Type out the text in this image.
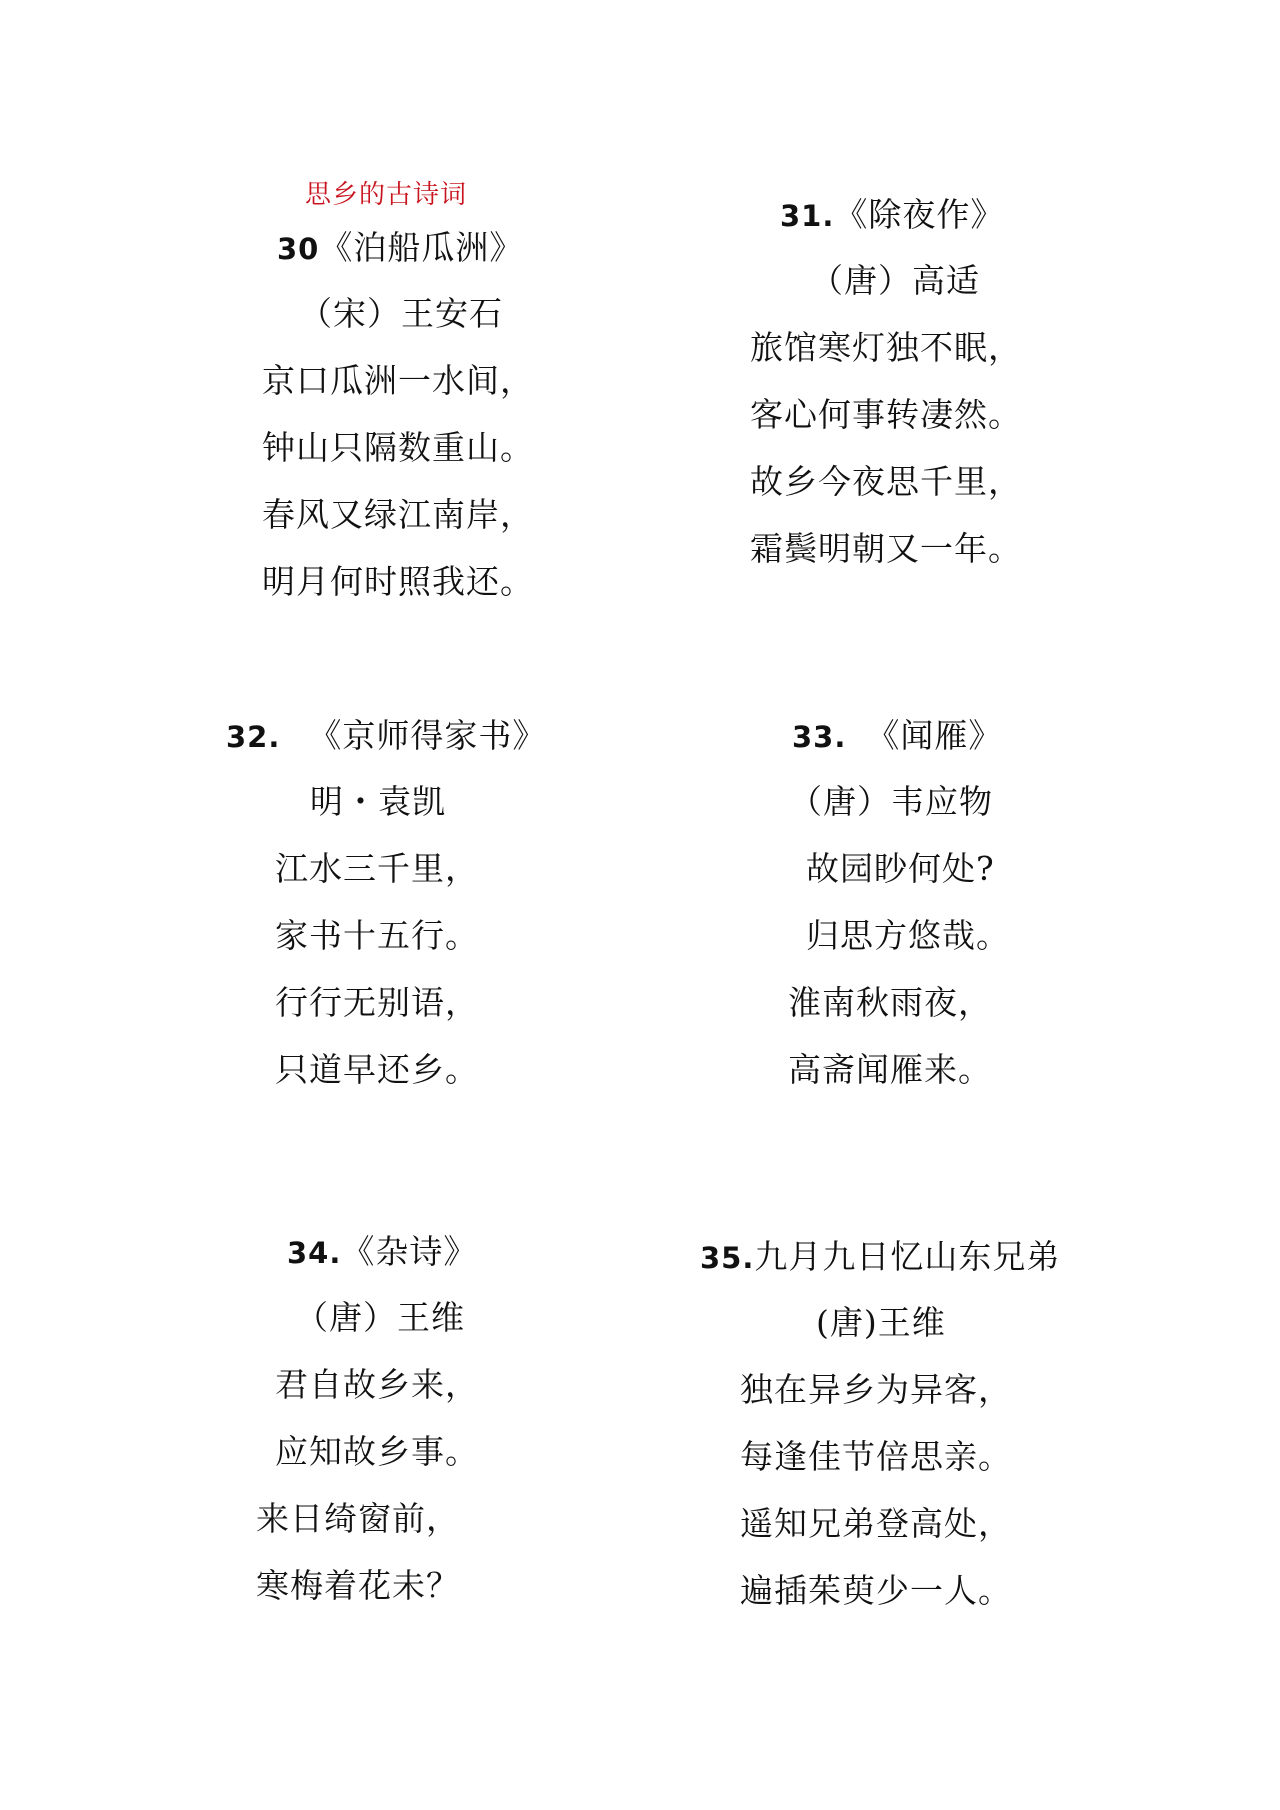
思乡的古诗词
30《泊船瓜洲》
（宋）王安石
京口瓜洲一水间，
钟山只隔数重山。
春风又绿江南岸，
明月何时照我还。
31.《除夜作》
（唐）高适
旅馆寒灯独不眠，
客心何事转凄然。
故乡今夜思千里，
霜鬓明朝又一年。
32. 《京师得家书》
明・袁凯
江水三千里，
家书十五行。
行行无别语，
只道早还乡。
33. 《闻雁》
（唐）韦应物
故园眇何处?
归思方悠哉。
淮南秋雨夜，
高斋闻雁来。
34.《杂诗》
（唐）王维
君自故乡来，
应知故乡事。
来日绮窗前，
寒梅着花未？
35.九月九日忆山东兄弟
(唐)王维
独在异乡为异客，
每逢佳节倍思亲。
遥知兄弟登高处，
遍插茱萸少一人。
